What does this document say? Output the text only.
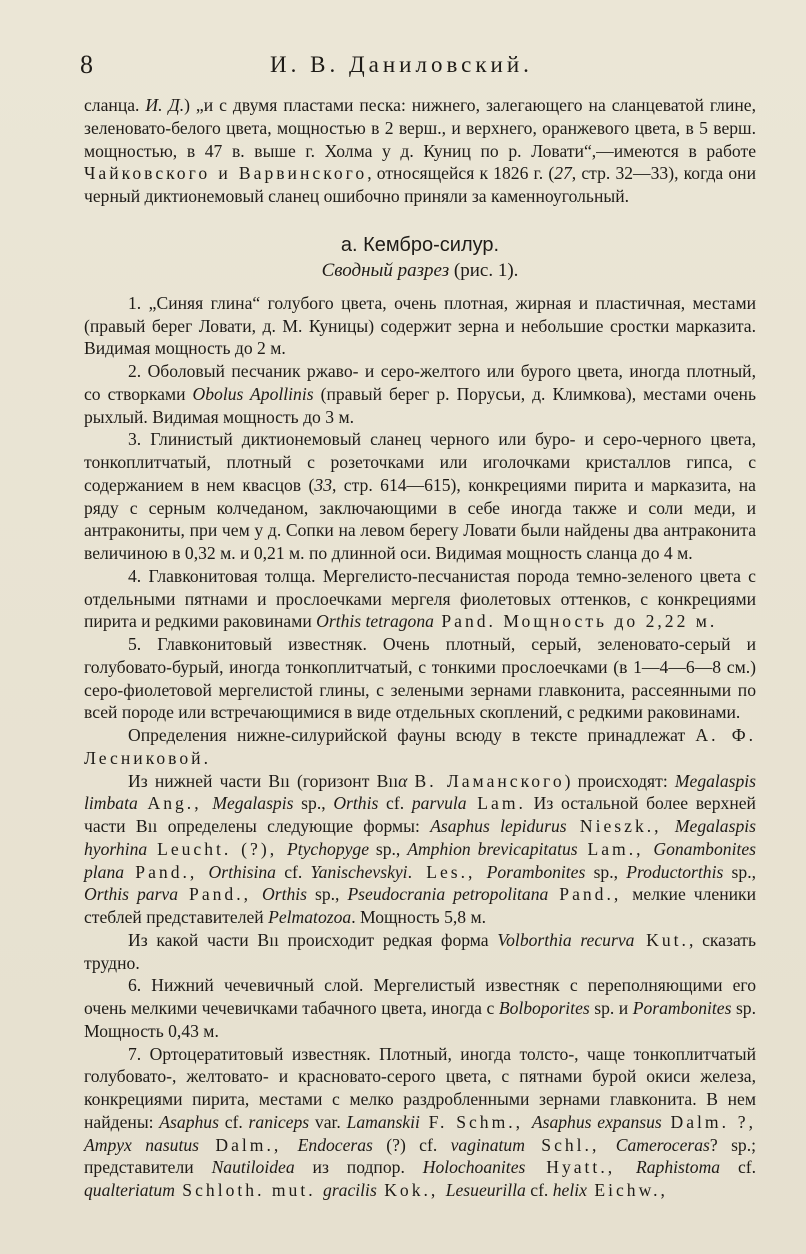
8	И. В. Даниловский.

сланца. И. Д.) „и с двумя пластами песка: нижнего, залегающего на сланцеватой глине, зеленовато-белого цвета, мощностью в 2 верш., и верхнего, оранжевого цвета, в 5 верш. мощностью, в 47 в. выше г. Холма у д. Куниц по р. Ловати“,—имеются в работе Чайковского и Варвинского, относящейся к 1826 г. (27, стр. 32—33), когда они черный диктионемовый сланец ошибочно приняли за каменноугольный.

а. Кембро-силур.
Сводный разрез (рис. 1).

1. „Синяя глина“ голубого цвета, очень плотная, жирная и пластичная, местами (правый берег Ловати, д. М. Куницы) содержит зерна и небольшие сростки марказита. Видимая мощность до 2 м.

2. Оболовый песчаник ржаво- и серо-желтого или бурого цвета, иногда плотный, со створками Obolus Apollinis (правый берег р. Порусьи, д. Климкова), местами очень рыхлый. Видимая мощность до 3 м.

3. Глинистый диктионемовый сланец черного или буро- и серо-черного цвета, тонкоплитчатый, плотный с розеточками или иголочками кристаллов гипса, с содержанием в нем квасцов (33, стр. 614—615), конкрециями пирита и марказита, на ряду с серным колчеданом, заключающими в себе иногда также и соли меди, и антракониты, при чем у д. Сопки на левом берегу Ловати были найдены два антраконита величиною в 0,32 м. и 0,21 м. по длинной оси. Видимая мощность сланца до 4 м.

4. Главконитовая толща. Мергелисто-песчанистая порода темно-зеленого цвета с отдельными пятнами и прослоечками мергеля фиолетовых оттенков, с конкрециями пирита и редкими раковинами Orthis tetragona Pand. Мощность до 2,22 м.

5. Главконитовый известняк. Очень плотный, серый, зеленовато-серый и голубовато-бурый, иногда тонкоплитчатый, с тонкими прослоечками (в 1—4—6—8 см.) серо-фиолетовой мергелистой глины, с зелеными зернами главконита, рассеянными по всей породе или встречающимися в виде отдельных скоплений, с редкими раковинами.

Определения нижне-силурийской фауны всюду в тексте принадлежат А. Ф. Лесниковой.

Из нижней части Вıı (горизонт Вııα В. Ламанского) происходят: Megalaspis limbata Ang., Megalaspis sp., Orthis cf. parvula Lam. Из остальной более верхней части Вıı определены следующие формы: Asaphus lepidurus Nieszk., Megalaspis hyorhina Leucht. (?), Ptychopyge sp., Amphion brevicapitatus Lam., Gonambonites plana Pand., Orthisina cf. Yanischevskyi. Les., Porambonites sp., Productorthis sp., Orthis parva Pand., Orthis sp., Pseudocrania petropolitana Pand., мелкие членики стеблей представителей Pelmatozoa. Мощность 5,8 м.

Из какой части Вıı происходит редкая форма Volborthia recurva Kut., сказать трудно.

6. Нижний чечевичный слой. Мергелистый известняк с переполняющими его очень мелкими чечевичками табачного цвета, иногда с Bolboporites sp. и Porambonites sp. Мощность 0,43 м.

7. Ортоцератитовый известняк. Плотный, иногда толсто-, чаще тонкоплитчатый голубовато-, желтовато- и красновато-серого цвета, с пятнами бурой окиси железа, конкрециями пирита, местами с мелко раздробленными зернами главконита. В нем найдены: Asaphus cf. raniceps var. Lamanskii F. Schm., Asaphus expansus Dalm. ?, Ampyx nasutus Dalm., Endoceras (?) cf. vaginatum Schl., Cameroceras? sp.; представители Nautiloidea из подпор. Holochoanites Hyatt., Raphistoma cf. qualteriatum Schloth. mut. gracilis Kok., Lesueurilla cf. helix Eichw.,
